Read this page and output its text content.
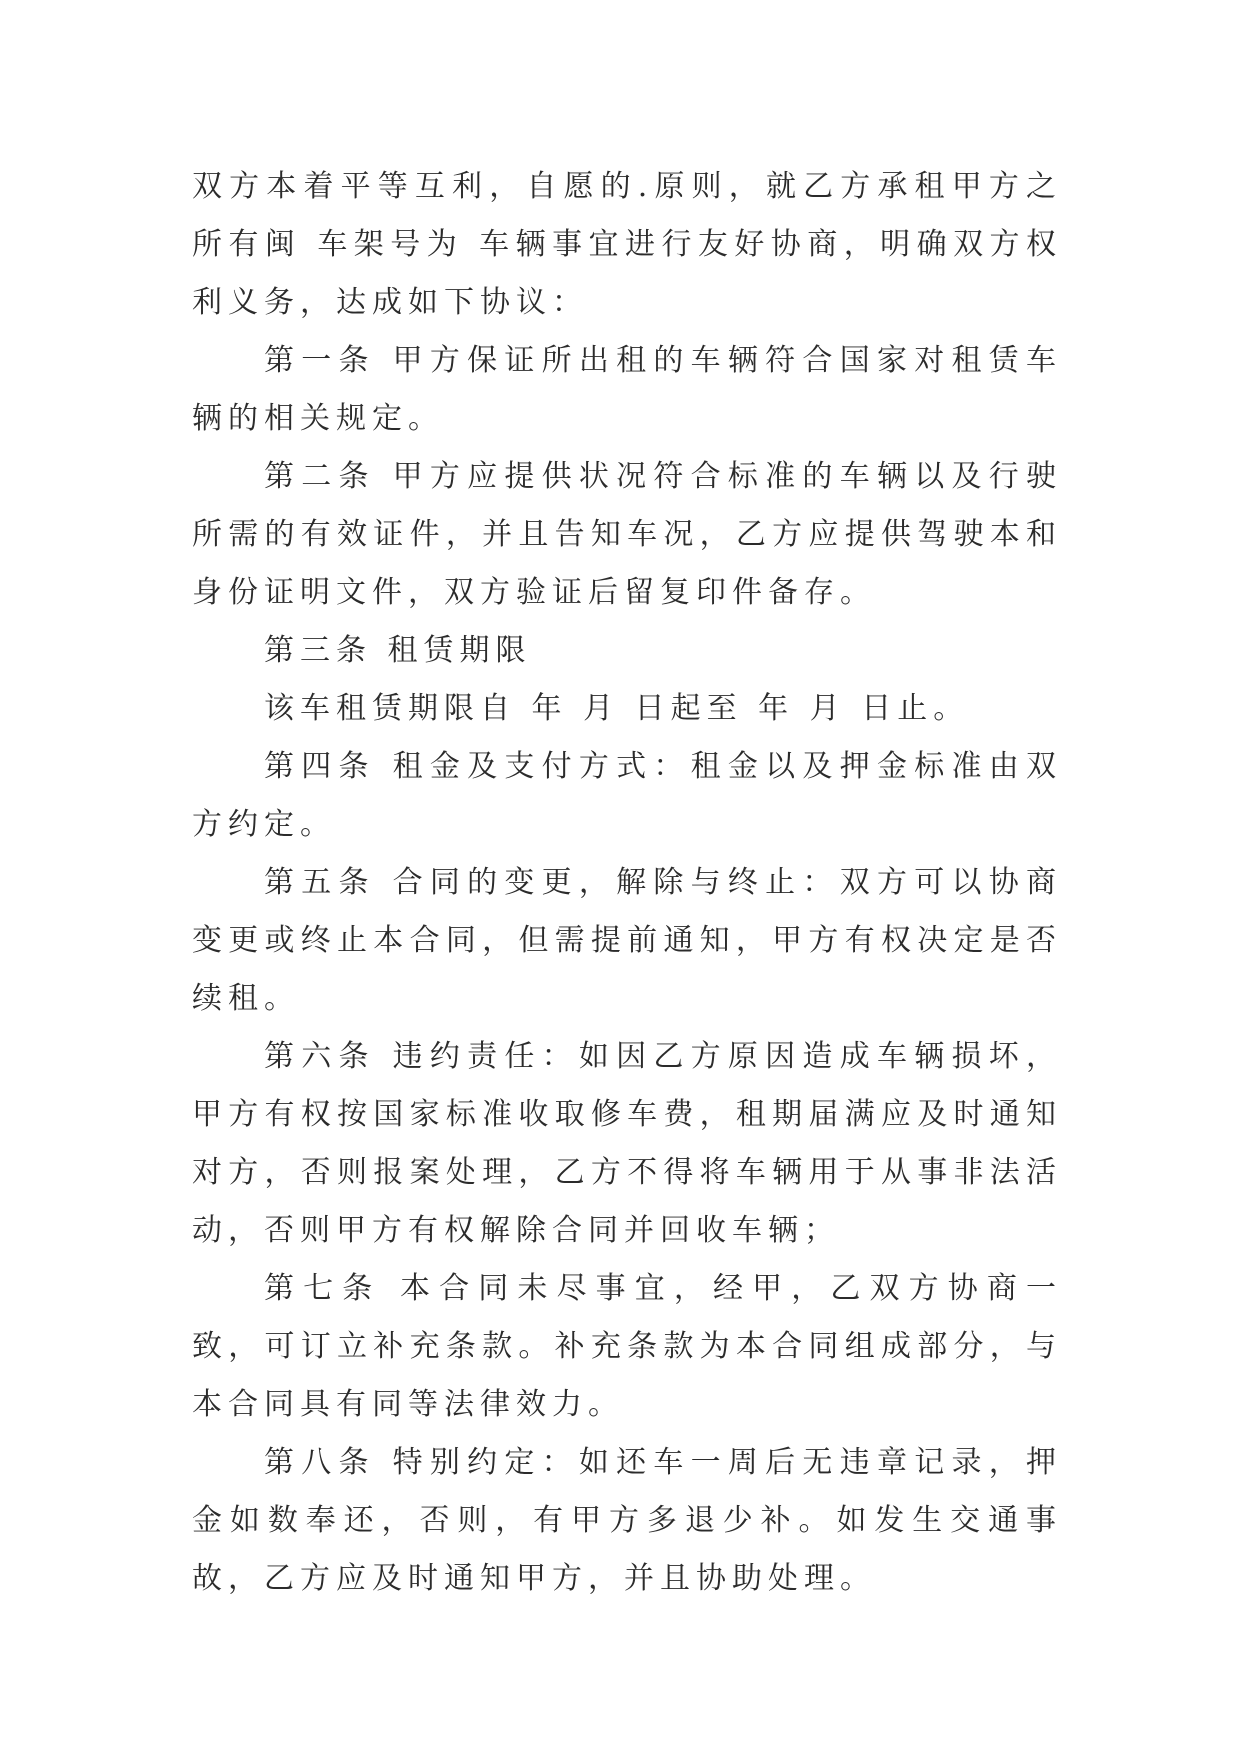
双方本着平等互利，自愿的.原则，就乙方承租甲方之所有闽 车架号为 车辆事宜进行友好协商，明确双方权利义务，达成如下协议：

第一条 甲方保证所出租的车辆符合国家对租赁车辆的相关规定。

第二条 甲方应提供状况符合标准的车辆以及行驶所需的有效证件，并且告知车况，乙方应提供驾驶本和身份证明文件，双方验证后留复印件备存。

第三条 租赁期限

该车租赁期限自 年 月 日起至 年 月 日止。

第四条 租金及支付方式：租金以及押金标准由双方约定。

第五条 合同的变更，解除与终止：双方可以协商变更或终止本合同，但需提前通知，甲方有权决定是否续租。

第六条 违约责任：如因乙方原因造成车辆损坏，甲方有权按国家标准收取修车费，租期届满应及时通知对方，否则报案处理，乙方不得将车辆用于从事非法活动，否则甲方有权解除合同并回收车辆；

第七条 本合同未尽事宜，经甲，乙双方协商一致，可订立补充条款。补充条款为本合同组成部分，与本合同具有同等法律效力。

第八条 特别约定：如还车一周后无违章记录，押金如数奉还，否则，有甲方多退少补。如发生交通事故，乙方应及时通知甲方，并且协助处理。
